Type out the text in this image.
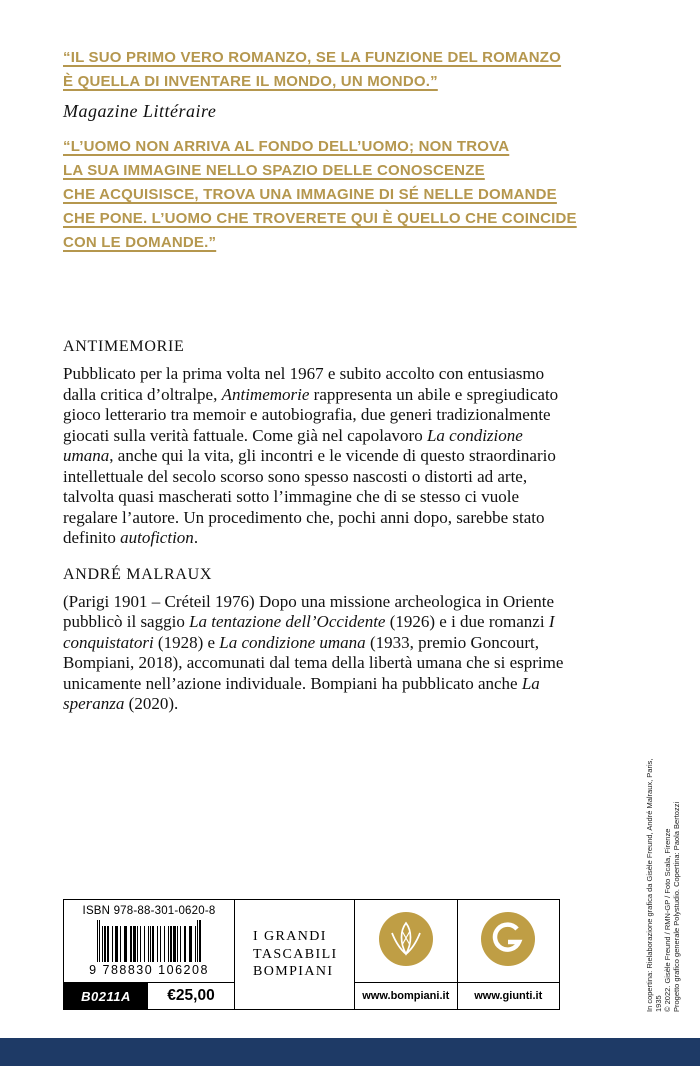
“IL SUO PRIMO VERO ROMANZO, SE LA FUNZIONE DEL ROMANZO
È QUELLA DI INVENTARE IL MONDO, UN MONDO.”
Magazine Littéraire
“L’UOMO NON ARRIVA AL FONDO DELL’UOMO; NON TROVA
LA SUA IMMAGINE NELLO SPAZIO DELLE CONOSCENZE
CHE ACQUISISCE, TROVA UNA IMMAGINE DI SÉ NELLE DOMANDE
CHE PONE. L’UOMO CHE TROVERETE QUI È QUELLO CHE COINCIDE
CON LE DOMANDE.”
ANTIMEMORIE

Pubblicato per la prima volta nel 1967 e subito accolto con entusiasmo dalla critica d’oltralpe, Antimemorie rappresenta un abile e spregiudicato gioco letterario tra memoir e autobiografia, due generi tradizionalmente giocati sulla verità fattuale. Come già nel capolavoro La condizione umana, anche qui la vita, gli incontri e le vicende di questo straordinario intellettuale del secolo scorso sono spesso nascosti o distorti ad arte, talvolta quasi mascherati sotto l’immagine che di se stesso ci vuole regalare l’autore. Un procedimento che, pochi anni dopo, sarebbe stato definito autofiction.

ANDRÉ MALRAUX

(Parigi 1901 – Créteil 1976) Dopo una missione archeologica in Oriente pubblicò il saggio La tentazione dell’Occidente (1926) e i due romanzi I conquistatori (1928) e La condizione umana (1933, premio Goncourt, Bompiani, 2018), accomunati dal tema della libertà umana che si esprime unicamente nell’azione individuale. Bompiani ha pubblicato anche La speranza (2020).

In copertina: Rielaborazione grafica da Gisèle Freund, André Malraux, Paris, 1935 © 2022. Gisèle Freund / RMN-GP / Foto Scala, Firenze Progetto grafico generale Polystudio. Copertina: Paola Bertozzi
ISBN 978-88-301-0620-8
9 788830 106208
B0211A	€25,00
I GRANDI
TASCABILI
BOMPIANI
www.bompiani.it	www.giunti.it
